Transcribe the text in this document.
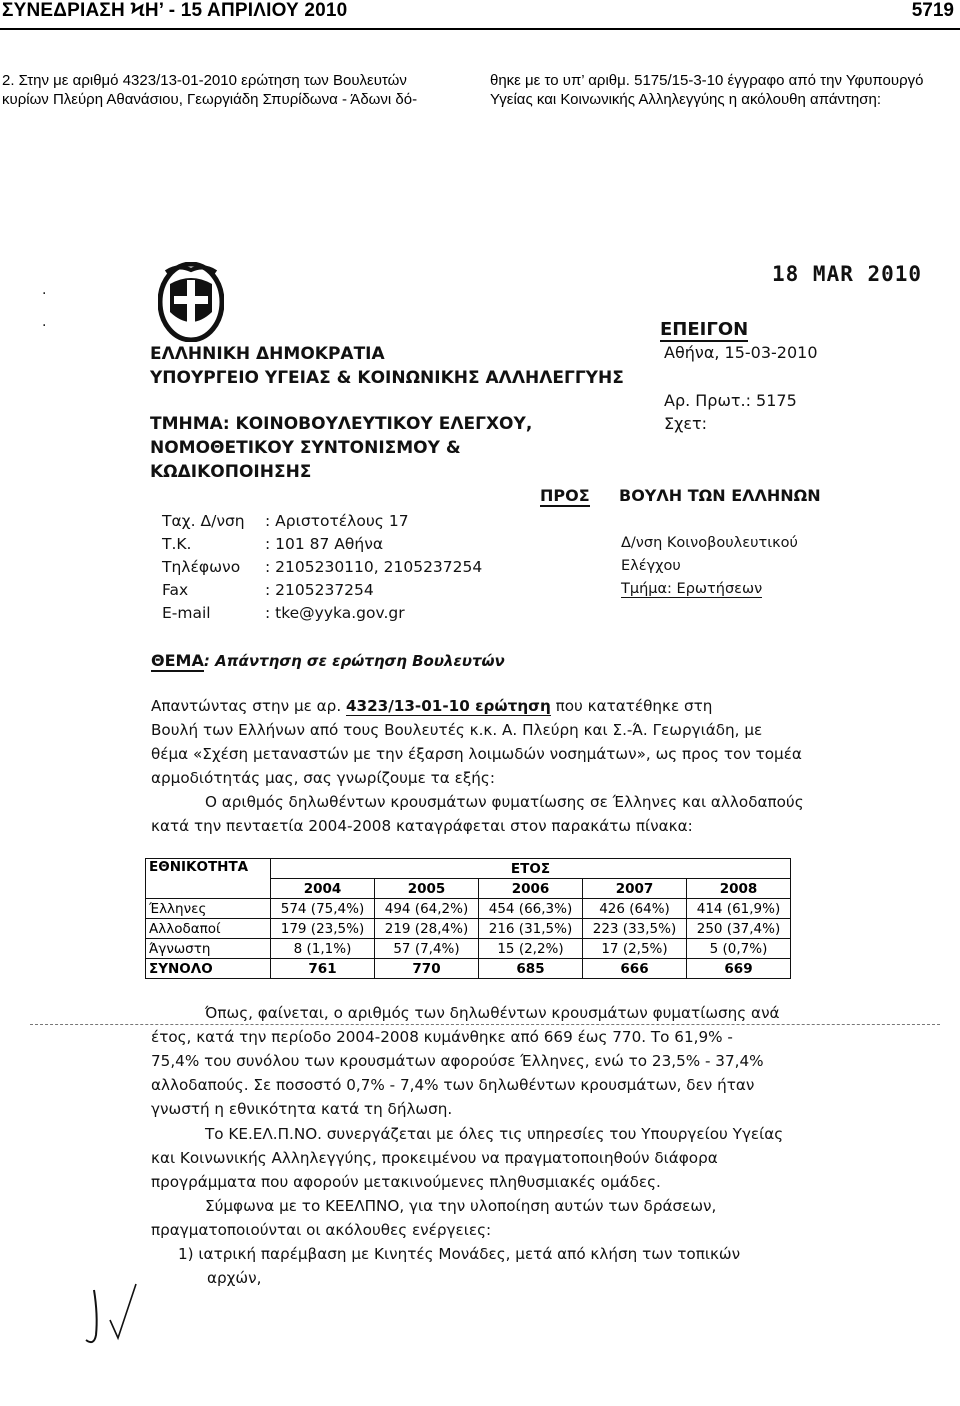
ΣΥΝΕΔΡΙΑΣΗ ϞΗ’ - 15 ΑΠΡΙΛΙΟΥ 2010	5719
2. Στην με αριθμό 4323/13-01-2010 ερώτηση των Βουλευτών
κυρίων Πλεύρη Αθανάσιου, Γεωργιάδη Σπυρίδωνα - Άδωνι δό-
θηκε με το υπ’ αριθμ. 5175/15-3-10 έγγραφο από την Υφυπουργό
Υγείας και Κοινωνικής Αλληλεγγύης η ακόλουθη απάντηση:
·

·
18 MAR 2010
ΕΛΛΗΝΙΚΗ ΔΗΜΟΚΡΑΤΙΑ
ΥΠΟΥΡΓΕΙΟ ΥΓΕΙΑΣ & ΚΟΙΝΩΝΙΚΗΣ ΑΛΛΗΛΕΓΓΥΗΣ
ΤΜΗΜΑ: ΚΟΙΝΟΒΟΥΛΕΥΤΙΚΟΥ ΕΛΕΓΧΟΥ,
ΝΟΜΟΘΕΤΙΚΟΥ ΣΥΝΤΟΝΙΣΜΟΥ &
ΚΩΔΙΚΟΠΟΙΗΣΗΣ
ΕΠΕΙΓΟΝ
Αθήνα, 15-03-2010
Αρ. Πρωτ.: 5175
Σχετ:
ΠΡΟΣ ΒΟΥΛΗ ΤΩΝ ΕΛΛΗΝΩΝ
Δ/νση Κοινοβουλευτικού
Ελέγχου
Τμήμα: Ερωτήσεων
Ταχ. Δ/νση : Αριστοτέλους 17
Τ.Κ.	: 101 87 Αθήνα
Τηλέφωνο : 2105230110, 2105237254
Fax	: 2105237254
E-mail	: tke@yyka.gov.gr
ΘΕΜΑ: Απάντηση σε ερώτηση Βουλευτών
Απαντώντας στην με αρ. 4323/13-01-10 ερώτηση που κατατέθηκε στη
Βουλή των Ελλήνων από τους Βουλευτές κ.κ. Α. Πλεύρη και Σ.-Ά. Γεωργιάδη, με
θέμα «Σχέση μεταναστών με την έξαρση λοιμωδών νοσημάτων», ως προς τον τομέα
αρμοδιότητάς μας, σας γνωρίζουμε τα εξής:
Ο αριθμός δηλωθέντων κρουσμάτων φυματίωσης σε Έλληνες και αλλοδαπούς
κατά την πενταετία 2004-2008 καταγράφεται στον παρακάτω πίνακα:
ΕΘΝΙΚΟΤΗΤΑ	ΕΤΟΣ				
	2004	2005	2006	2007	2008
Έλληνες	574 (75,4%)	494 (64,2%)	454 (66,3%)	426 (64%)	414 (61,9%)
Αλλοδαποί	179 (23,5%)	219 (28,4%)	216 (31,5%)	223 (33,5%)	250 (37,4%)
Άγνωστη	8 (1,1%)	57 (7,4%)	15 (2,2%)	17 (2,5%)	5 (0,7%)
ΣΥΝΟΛΟ	761	770	685	666	669
Όπως, φαίνεται, ο αριθμός των δηλωθέντων κρουσμάτων φυματίωσης ανά
έτος, κατά την περίοδο 2004-2008 κυμάνθηκε από 669 έως 770. Το 61,9% -
75,4% του συνόλου των κρουσμάτων αφορούσε Έλληνες, ενώ το 23,5% - 37,4%
αλλοδαπούς. Σε ποσοστό 0,7% - 7,4% των δηλωθέντων κρουσμάτων, δεν ήταν
γνωστή η εθνικότητα κατά τη δήλωση.
Το ΚΕ.ΕΛ.Π.ΝΟ. συνεργάζεται με όλες τις υπηρεσίες του Υπουργείου Υγείας
και Κοινωνικής Αλληλεγγύης, προκειμένου να πραγματοποιηθούν διάφορα
προγράμματα που αφορούν μετακινούμενες πληθυσμιακές ομάδες.
Σύμφωνα με το ΚΕΕΛΠΝΟ, για την υλοποίηση αυτών των δράσεων,
πραγματοποιούνται οι ακόλουθες ενέργειες:
1) ιατρική παρέμβαση με Κινητές Μονάδες, μετά από κλήση των τοπικών
αρχών,
